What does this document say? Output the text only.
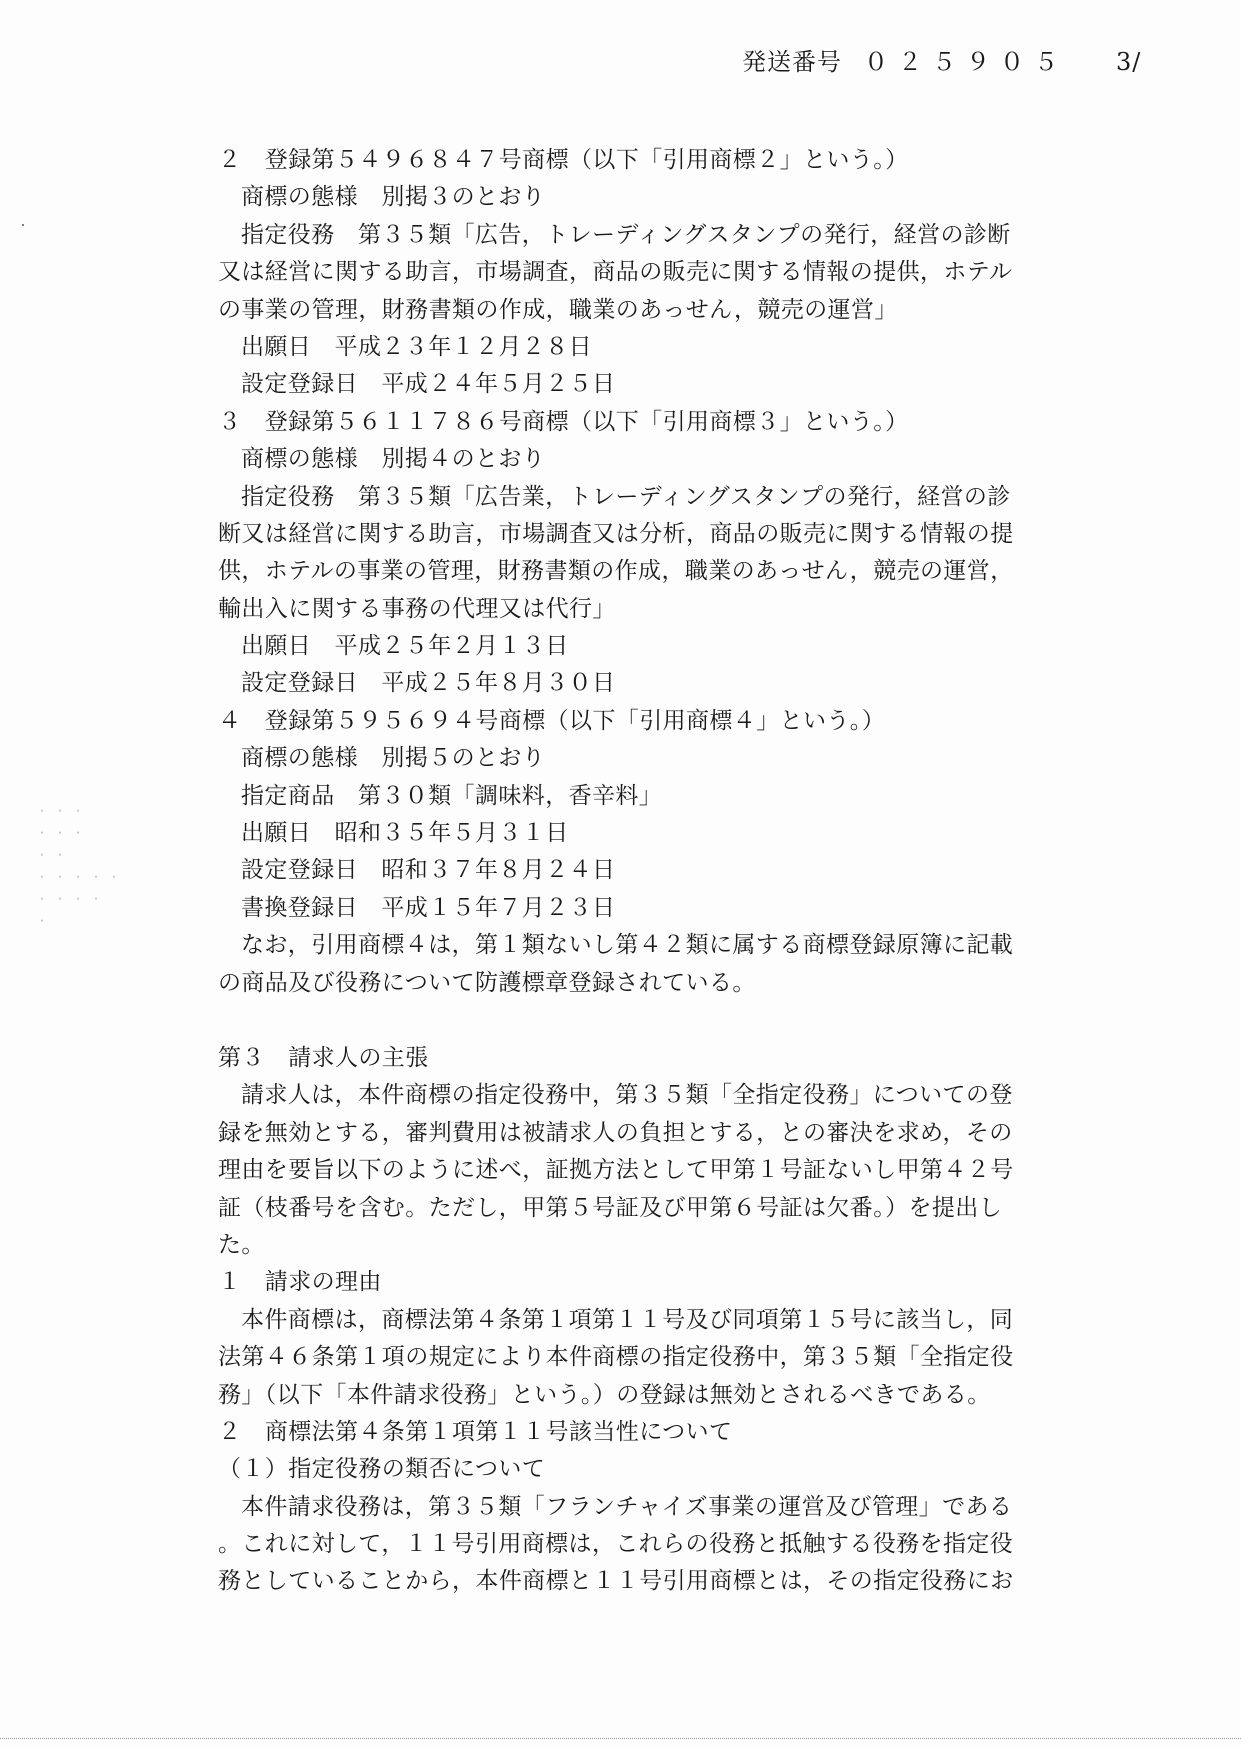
発送番号 ０２５９０５ 3/
・・・
・・・
・・
・・・・・
・・・・
・
２　登録第５４９６８４７号商標（以下「引用商標２」という。）
商標の態様　別掲３のとおり
指定役務　第３５類「広告，トレーディングスタンプの発行，経営の診断
又は経営に関する助言，市場調査，商品の販売に関する情報の提供，ホテル
の事業の管理，財務書類の作成，職業のあっせん，競売の運営」
出願日　平成２３年１２月２８日
設定登録日　平成２４年５月２５日
３　登録第５６１１７８６号商標（以下「引用商標３」という。）
商標の態様　別掲４のとおり
指定役務　第３５類「広告業，トレーディングスタンプの発行，経営の診
断又は経営に関する助言，市場調査又は分析，商品の販売に関する情報の提
供，ホテルの事業の管理，財務書類の作成，職業のあっせん，競売の運営，
輸出入に関する事務の代理又は代行」
出願日　平成２５年２月１３日
設定登録日　平成２５年８月３０日
４　登録第５９５６９４号商標（以下「引用商標４」という。）
商標の態様　別掲５のとおり
指定商品　第３０類「調味料，香辛料」
出願日　昭和３５年５月３１日
設定登録日　昭和３７年８月２４日
書換登録日　平成１５年７月２３日
なお，引用商標４は，第１類ないし第４２類に属する商標登録原簿に記載
の商品及び役務について防護標章登録されている。
第３　請求人の主張
請求人は，本件商標の指定役務中，第３５類「全指定役務」についての登
録を無効とする，審判費用は被請求人の負担とする，との審決を求め，その
理由を要旨以下のように述べ，証拠方法として甲第１号証ないし甲第４２号
証（枝番号を含む。ただし，甲第５号証及び甲第６号証は欠番。）を提出し
た。
１　請求の理由
本件商標は，商標法第４条第１項第１１号及び同項第１５号に該当し，同
法第４６条第１項の規定により本件商標の指定役務中，第３５類「全指定役
務」（以下「本件請求役務」という。）の登録は無効とされるべきである。
２　商標法第４条第１項第１１号該当性について
（１）指定役務の類否について
本件請求役務は，第３５類「フランチャイズ事業の運営及び管理」である
。これに対して，１１号引用商標は，これらの役務と抵触する役務を指定役
務としていることから，本件商標と１１号引用商標とは，その指定役務にお
